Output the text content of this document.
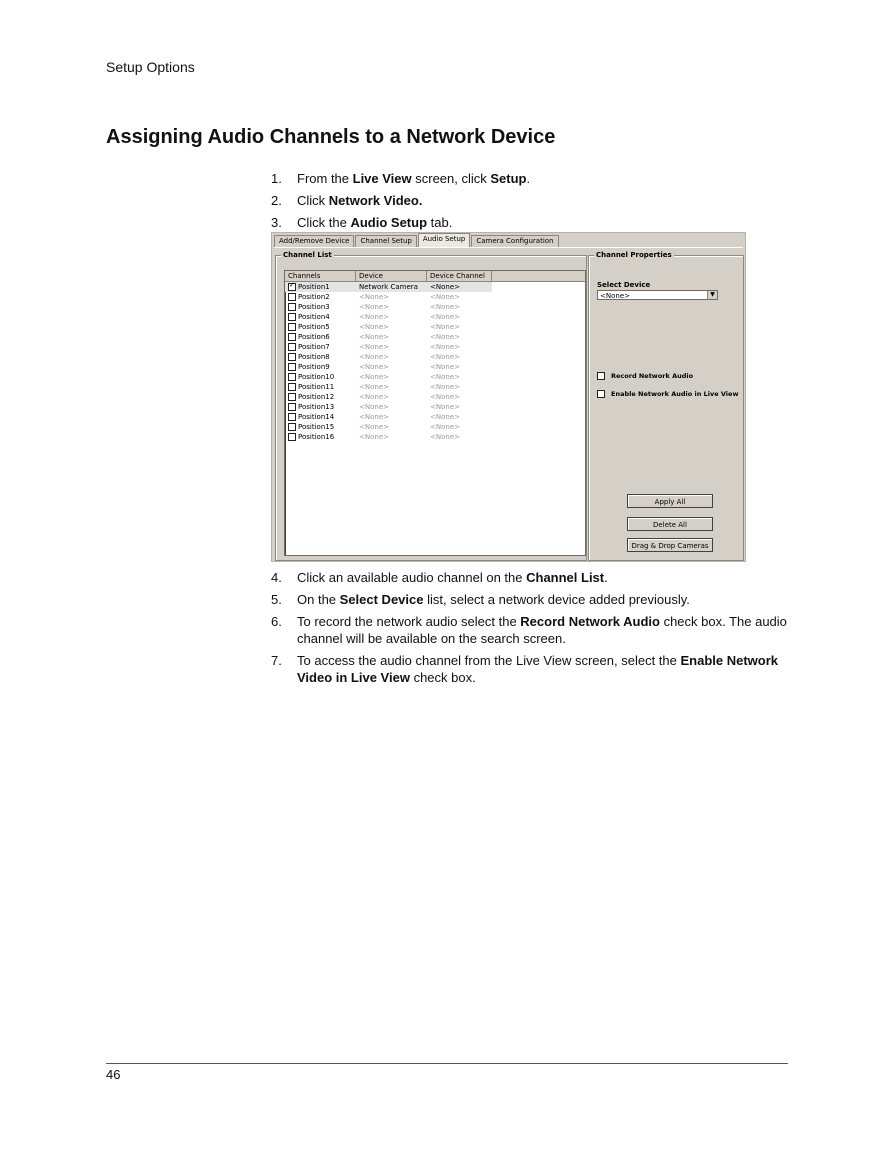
Setup Options
Assigning Audio Channels to a Network Device
1.	From the Live View screen, click Setup.
2.	Click Network Video.
3.	Click the Audio Setup tab.
Add/Remove Device	Channel Setup	Audio Setup	Camera Configuration
Channel List
Channels	Device	Device Channel
✓
Position1	Network Camera	<None>
Position2	<None>	<None>
Position3	<None>	<None>
Position4	<None>	<None>
Position5	<None>	<None>
Position6	<None>	<None>
Position7	<None>	<None>
Position8	<None>	<None>
Position9	<None>	<None>
Position10	<None>	<None>
Position11	<None>	<None>
Position12	<None>	<None>
Position13	<None>	<None>
Position14	<None>	<None>
Position15	<None>	<None>
Position16	<None>	<None>
Channel Properties
Select Device
<None>	▼
Record Network Audio
Enable Network Audio in Live View
Apply All
Delete All
Drag & Drop Cameras
4.	Click an available audio channel on the Channel List.
5.	On the Select Device list, select a network device added previously.
6.	To record the network audio select the Record Network Audio check box. The audio channel will be available on the search screen.
7.	To access the audio channel from the Live View screen, select the Enable Network Video in Live View check box.
46
